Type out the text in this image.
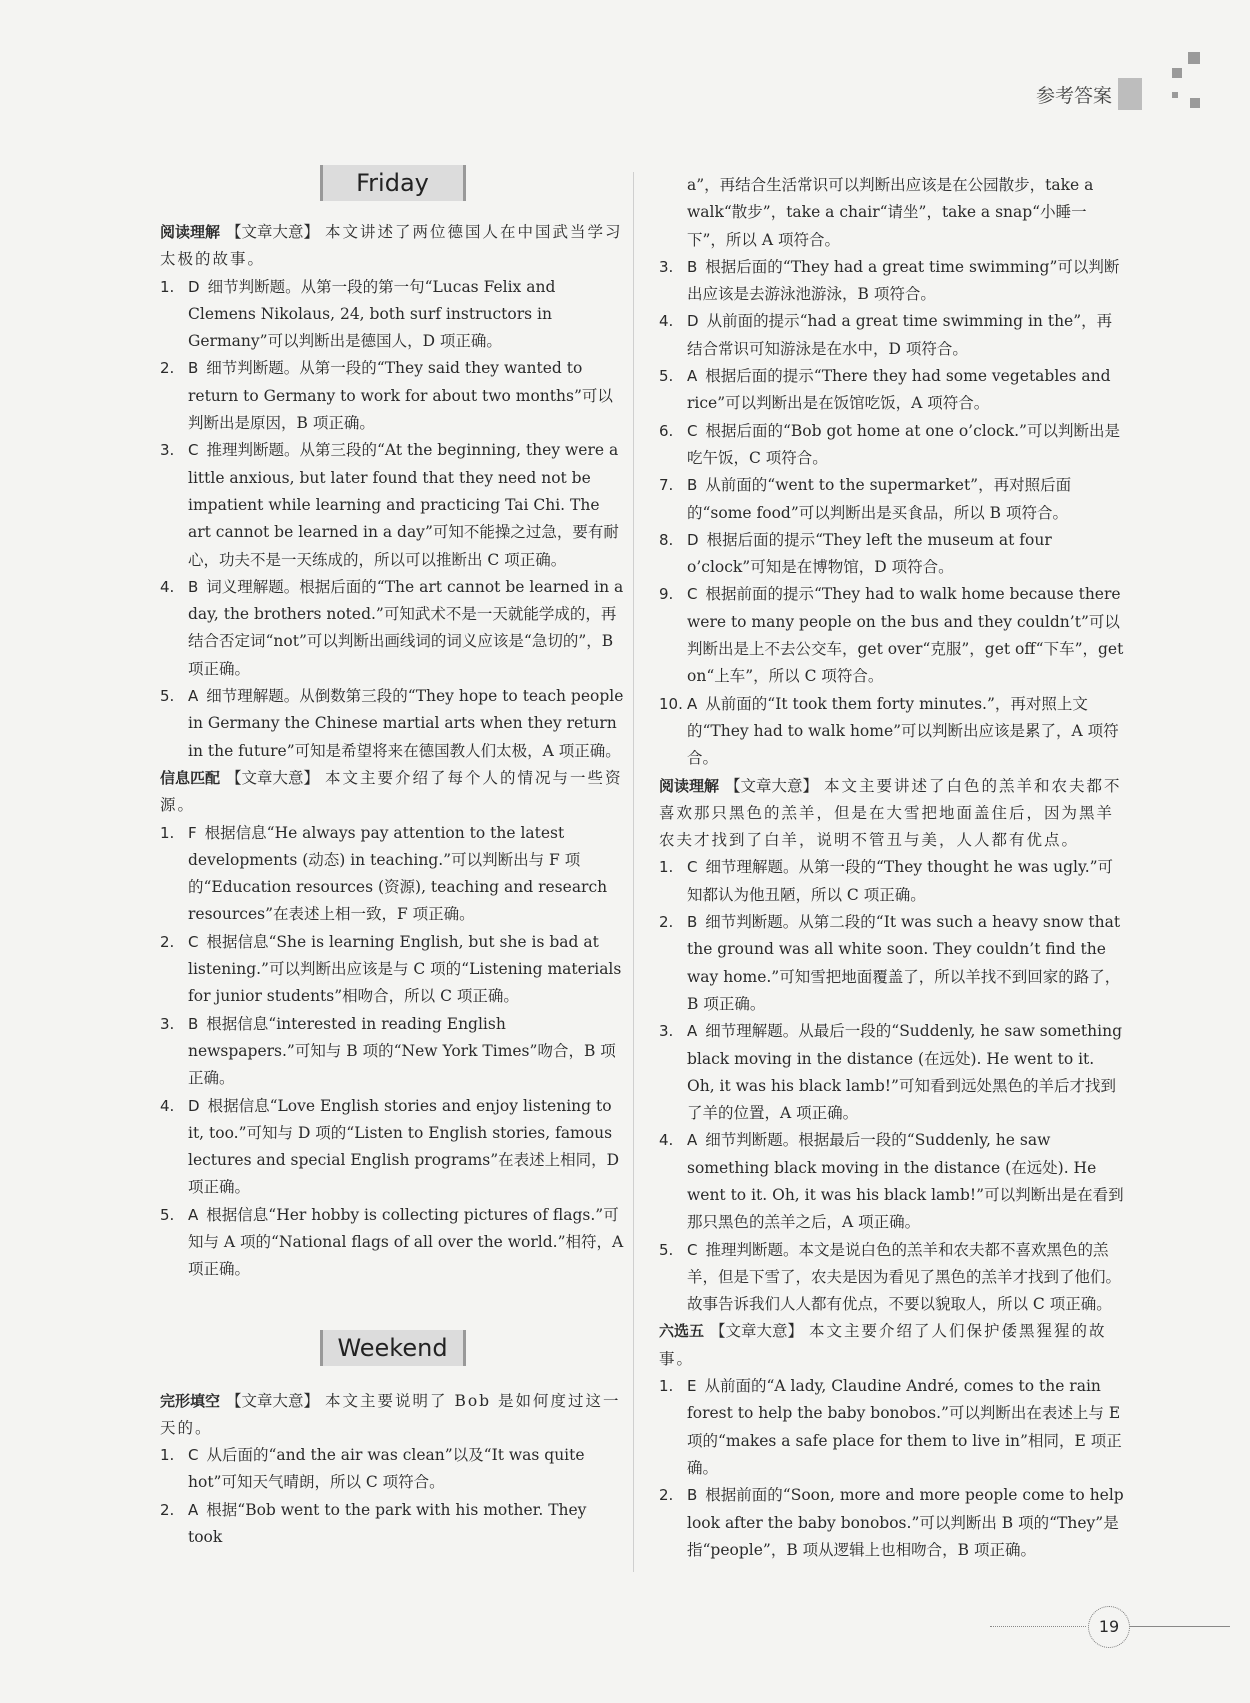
参考答案
Friday
阅读理解 【文章大意】 本文讲述了两位德国人在中国武当学习太极的故事。
1. D 细节判断题。从第一段的第一句“Lucas Felix and Clemens Nikolaus, 24, both surf instructors in Germany”可以判断出是德国人，D 项正确。
2. B 细节判断题。从第一段的“They said they wanted to return to Germany to work for about two months”可以判断出是原因，B 项正确。
3. C 推理判断题。从第三段的“At the beginning, they were a little anxious, but later found that they need not be impatient while learning and practicing Tai Chi. The art cannot be learned in a day”可知不能操之过急，要有耐心，功夫不是一天练成的，所以可以推断出 C 项正确。
4. B 词义理解题。根据后面的“The art cannot be learned in a day, the brothers noted.”可知武术不是一天就能学成的，再结合否定词“not”可以判断出画线词的词义应该是“急切的”，B 项正确。
5. A 细节理解题。从倒数第三段的“They hope to teach people in Germany the Chinese martial arts when they return in the future”可知是希望将来在德国教人们太极，A 项正确。
信息匹配 【文章大意】 本文主要介绍了每个人的情况与一些资源。
1. F 根据信息“He always pay attention to the latest developments (动态) in teaching.”可以判断出与 F 项的“Education resources (资源), teaching and research resources”在表述上相一致，F 项正确。
2. C 根据信息“She is learning English, but she is bad at listening.”可以判断出应该是与 C 项的“Listening materials for junior students”相吻合，所以 C 项正确。
3. B 根据信息“interested in reading English newspapers.”可知与 B 项的“New York Times”吻合，B 项正确。
4. D 根据信息“Love English stories and enjoy listening to it, too.”可知与 D 项的“Listen to English stories, famous lectures and special English programs”在表述上相同，D 项正确。
5. A 根据信息“Her hobby is collecting pictures of flags.”可知与 A 项的“National flags of all over the world.”相符，A 项正确。
Weekend
完形填空 【文章大意】 本文主要说明了 Bob 是如何度过这一天的。
1. C 从后面的“and the air was clean”以及“It was quite hot”可知天气晴朗，所以 C 项符合。
2. A 根据“Bob went to the park with his mother. They took
a”，再结合生活常识可以判断出应该是在公园散步，take a walk“散步”，take a chair“请坐”，take a snap“小睡一下”，所以 A 项符合。
3. B 根据后面的“They had a great time swimming”可以判断出应该是去游泳池游泳，B 项符合。
4. D 从前面的提示“had a great time swimming in the”，再结合常识可知游泳是在水中，D 项符合。
5. A 根据后面的提示“There they had some vegetables and rice”可以判断出是在饭馆吃饭，A 项符合。
6. C 根据后面的“Bob got home at one o’clock.”可以判断出是吃午饭，C 项符合。
7. B 从前面的“went to the supermarket”，再对照后面的“some food”可以判断出是买食品，所以 B 项符合。
8. D 根据后面的提示“They left the museum at four o’clock”可知是在博物馆，D 项符合。
9. C 根据前面的提示“They had to walk home because there were to many people on the bus and they couldn’t”可以判断出是上不去公交车，get over“克服”，get off“下车”，get on“上车”，所以 C 项符合。
10. A 从前面的“It took them forty minutes.”，再对照上文的“They had to walk home”可以判断出应该是累了，A 项符合。
阅读理解 【文章大意】 本文主要讲述了白色的羔羊和农夫都不喜欢那只黑色的羔羊，但是在大雪把地面盖住后，因为黑羊农夫才找到了白羊，说明不管丑与美，人人都有优点。
1. C 细节理解题。从第一段的“They thought he was ugly.”可知都认为他丑陋，所以 C 项正确。
2. B 细节判断题。从第二段的“It was such a heavy snow that the ground was all white soon. They couldn’t find the way home.”可知雪把地面覆盖了，所以羊找不到回家的路了，B 项正确。
3. A 细节理解题。从最后一段的“Suddenly, he saw something black moving in the distance (在远处). He went to it. Oh, it was his black lamb!”可知看到远处黑色的羊后才找到了羊的位置，A 项正确。
4. A 细节判断题。根据最后一段的“Suddenly, he saw something black moving in the distance (在远处). He went to it. Oh, it was his black lamb!”可以判断出是在看到那只黑色的羔羊之后，A 项正确。
5. C 推理判断题。本文是说白色的羔羊和农夫都不喜欢黑色的羔羊，但是下雪了，农夫是因为看见了黑色的羔羊才找到了他们。故事告诉我们人人都有优点，不要以貌取人，所以 C 项正确。
六选五 【文章大意】 本文主要介绍了人们保护倭黑猩猩的故事。
1. E 从前面的“A lady, Claudine André, comes to the rain forest to help the baby bonobos.”可以判断出在表述上与 E 项的“makes a safe place for them to live in”相同，E 项正确。
2. B 根据前面的“Soon, more and more people come to help look after the baby bonobos.”可以判断出 B 项的“They”是指“people”，B 项从逻辑上也相吻合，B 项正确。
19
